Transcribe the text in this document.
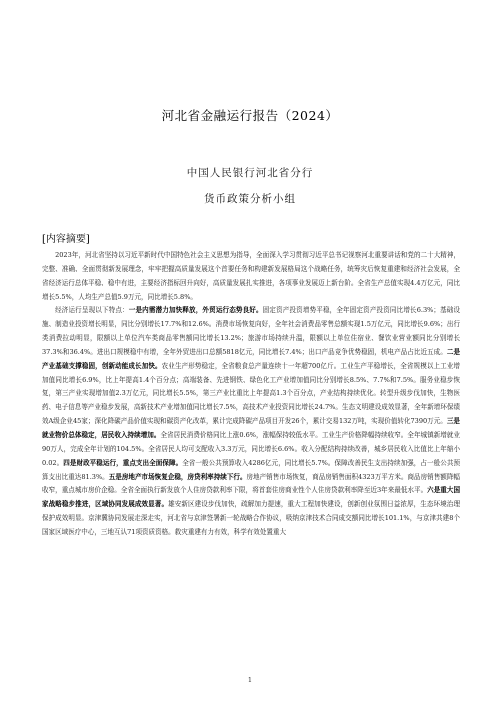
河北省金融运行报告（2024）
中国人民银行河北省分行
货币政策分析小组
[内容摘要]

2023年，河北省坚持以习近平新时代中国特色社会主义思想为指导，全面深入学习贯彻习近平总书记视察河北重要讲话和党的二十大精神，完整、准确、全面贯彻新发展理念，牢牢把握高质量发展这个首要任务和构建新发展格局这个战略任务，统筹灾后恢复重建和经济社会发展，全省经济运行总体平稳、稳中有进，主要经济指标回升向好，高质量发展扎实推进，各项事业发展迈上新台阶。全省生产总值实现4.4万亿元，同比增长5.5%，人均生产总值5.9万元，同比增长5.8%。

经济运行呈现以下特点：一是内需潜力加快释放，外贸运行态势良好。固定资产投资增势平稳，全年固定资产投资同比增长6.3%；基础设施、制造业投资增长明显，同比分别增长17.7%和12.6%。消费市场恢复向好，全年社会消费品零售总额实现1.5万亿元，同比增长9.6%；出行类消费拉动明显，限额以上单位汽车类商品零售额同比增长13.2%；旅游市场持续升温，限额以上单位住宿业、餐饮业营业额同比分别增长37.3%和36.4%。进出口规模稳中有增，全年外贸进出口总额5818亿元，同比增长7.4%；出口产品竞争优势稳固，机电产品占比近五成。二是产业基础支撑稳固，创新动能成长加快。农业生产形势稳定，全省粮食总产量连续十一年超700亿斤。工业生产平稳增长，全省规模以上工业增加值同比增长6.9%，比上年提高1.4个百分点；高端装备、先进钢铁、绿色化工产业增加值同比分别增长8.5%、7.7%和7.5%。服务业稳步恢复，第三产业实现增加值2.3万亿元，同比增长5.5%，第三产业比重比上年提高1.3个百分点，产业结构持续优化。转型升级步伐加快，生物医药、电子信息等产业稳步发展，高新技术产业增加值同比增长7.5%，高技术产业投资同比增长24.7%。生态文明建设成效显著，全年新增环保绩效A级企业45家；深化降碳产品价值实现和碳资产化改革，累计完成降碳产品项目开发26个，累计交易132万吨，实现价值转化7390万元。三是就业物价总体稳定，居民收入持续增加。全省居民消费价格同比上涨0.6%，涨幅保持较低水平。工业生产价格降幅持续收窄。全年城镇新增就业90万人，完成全年计划的104.5%。全省居民人均可支配收入3.3万元，同比增长6.6%。收入分配结构持续改善，城乡居民收入比值比上年缩小0.02。四是财政平稳运行，重点支出全面保障。全省一般公共预算收入4286亿元，同比增长5.7%。保障改善民生支出持续加强，占一般公共预算支出比重达81.3%。五是房地产市场恢复企稳，房贷利率持续下行。房地产销售市场恢复，商品房销售面积4323万平方米。商品房销售额降幅收窄，重点城市房价企稳。全省全面执行新发放个人住房贷款利率下限，将首套住房商业性个人住房贷款利率降至近3年来最低水平。六是重大国家战略稳步推进，区域协同发展成效显著。雄安新区建设步伐加快，疏解加力提速，重大工程加快建设，创新创业氛围日益浓厚，生态环境治理保护成效明显。京津冀协同发展走深走实，河北省与京津签署新一轮战略合作协议，吸纳京津技术合同成交额同比增长101.1%，与京津共建8个国家区域医疗中心，三地互认71项资质资格。救灾重建有力有效，科学有效处置重大

1
